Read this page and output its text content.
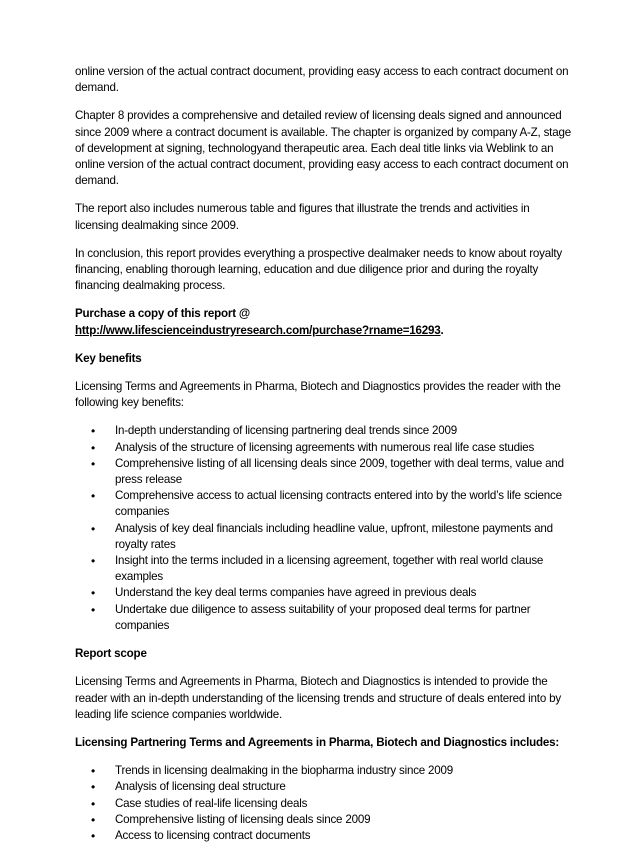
online version of the actual contract document, providing easy access to each contract document on demand.

Chapter 8 provides a comprehensive and detailed review of licensing deals signed and announced since 2009 where a contract document is available. The chapter is organized by company A-Z, stage of development at signing, technologyand therapeutic area. Each deal title links via Weblink to an online version of the actual contract document, providing easy access to each contract document on demand.

The report also includes numerous table and figures that illustrate the trends and activities in licensing dealmaking since 2009.

In conclusion, this report provides everything a prospective dealmaker needs to know about royalty financing, enabling thorough learning, education and due diligence prior and during the royalty financing dealmaking process.

Purchase a copy of this report @
http://www.lifescienceindustryresearch.com/purchase?rname=16293.
Key benefits

Licensing Terms and Agreements in Pharma, Biotech and Diagnostics provides the reader with the following key benefits:

• In-depth understanding of licensing partnering deal trends since 2009
• Analysis of the structure of licensing agreements with numerous real life case studies
• Comprehensive listing of all licensing deals since 2009, together with deal terms, value and press release
• Comprehensive access to actual licensing contracts entered into by the world’s life science companies
• Analysis of key deal financials including headline value, upfront, milestone payments and royalty rates
• Insight into the terms included in a licensing agreement, together with real world clause examples
• Understand the key deal terms companies have agreed in previous deals
• Undertake due diligence to assess suitability of your proposed deal terms for partner companies
Report scope

Licensing Terms and Agreements in Pharma, Biotech and Diagnostics is intended to provide the reader with an in-depth understanding of the licensing trends and structure of deals entered into by leading life science companies worldwide.

Licensing Partnering Terms and Agreements in Pharma, Biotech and Diagnostics includes:
• Trends in licensing dealmaking in the biopharma industry since 2009
• Analysis of licensing deal structure
• Case studies of real-life licensing deals
• Comprehensive listing of licensing deals since 2009
• Access to licensing contract documents
